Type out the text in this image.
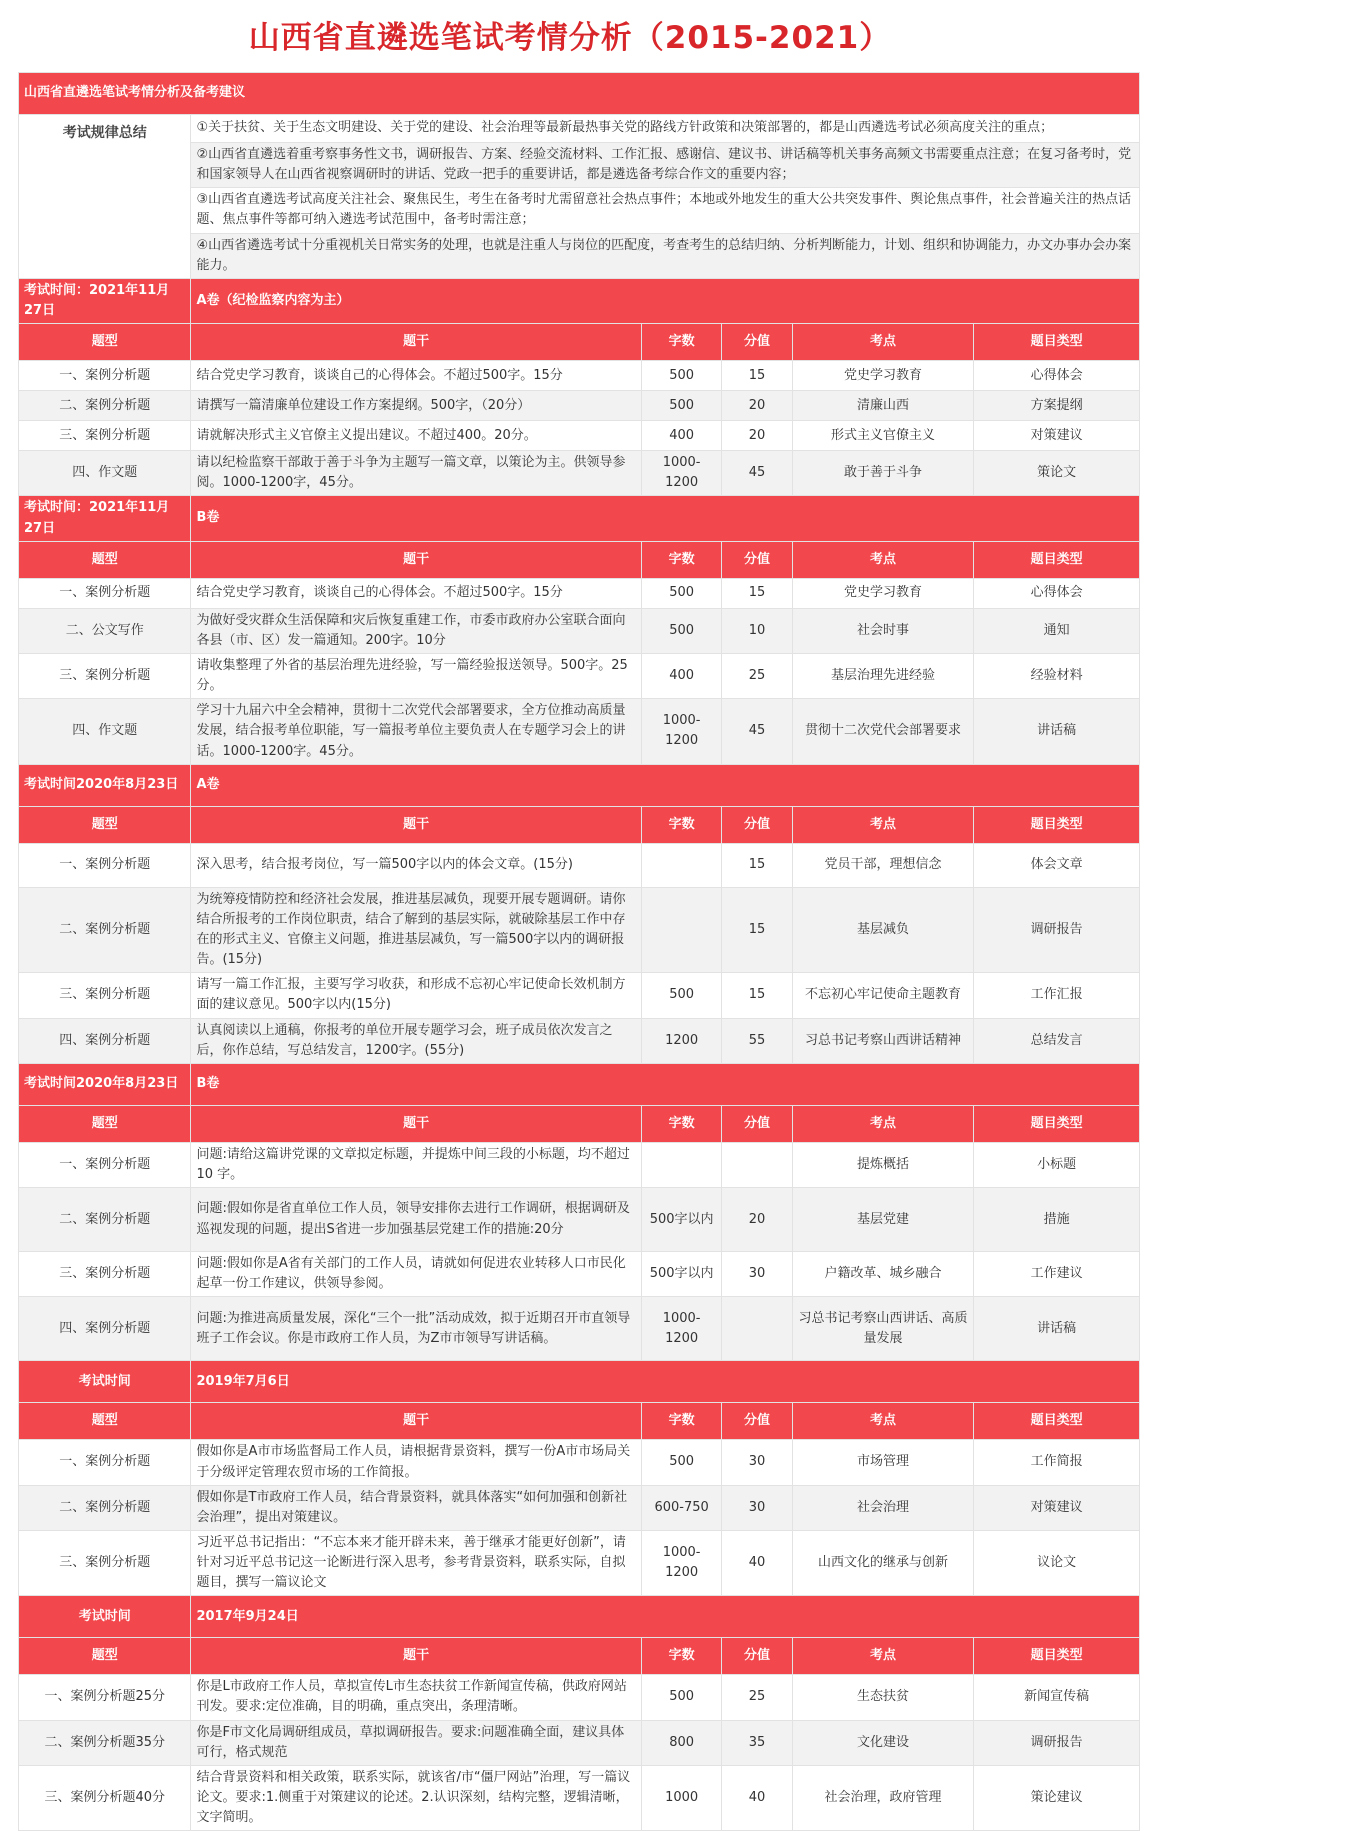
山西省直遴选笔试考情分析（2015-2021）
山西省直遴选笔试考情分析及备考建议					
考试规律总结	①关于扶贫、关于生态文明建设、关于党的建设、社会治理等最新最热事关党的路线方针政策和决策部署的，都是山西遴选考试必须高度关注的重点；				
	②山西省直遴选着重考察事务性文书，调研报告、方案、经验交流材料、工作汇报、感谢信、建议书、讲话稿等机关事务高频文书需要重点注意；在复习备考时，党和国家领导人在山西省视察调研时的讲话、党政一把手的重要讲话，都是遴选备考综合作文的重要内容；				
	③山西省直遴选考试高度关注社会、聚焦民生，考生在备考时尤需留意社会热点事件；本地或外地发生的重大公共突发事件、舆论焦点事件，社会普遍关注的热点话题、焦点事件等都可纳入遴选考试范围中，备考时需注意；				
	④山西省遴选考试十分重视机关日常实务的处理，也就是注重人与岗位的匹配度，考查考生的总结归纳、分析判断能力，计划、组织和协调能力，办文办事办会办案能力。				
考试时间：2021年11月27日	A卷（纪检监察内容为主）				
题型	题干	字数	分值	考点	题目类型
一、案例分析题	结合党史学习教育，谈谈自己的心得体会。不超过500字。15分	500	15	党史学习教育	心得体会
二、案例分析题	请撰写一篇清廉单位建设工作方案提纲。500字，（20分）	500	20	清廉山西	方案提纲
三、案例分析题	请就解决形式主义官僚主义提出建议。不超过400。20分。	400	20	形式主义官僚主义	对策建议
四、作文题	请以纪检监察干部敢于善于斗争为主题写一篇文章，以策论为主。供领导参阅。1000-1200字，45分。	1000-1200	45	敢于善于斗争	策论文
考试时间：2021年11月27日	B卷				
题型	题干	字数	分值	考点	题目类型
一、案例分析题	结合党史学习教育，谈谈自己的心得体会。不超过500字。15分	500	15	党史学习教育	心得体会
二、公文写作	为做好受灾群众生活保障和灾后恢复重建工作，市委市政府办公室联合面向各县（市、区）发一篇通知。200字。10分	500	10	社会时事	通知
三、案例分析题	请收集整理了外省的基层治理先进经验，写一篇经验报送领导。500字。25分。	400	25	基层治理先进经验	经验材料
四、作文题	学习十九届六中全会精神，贯彻十二次党代会部署要求，全方位推动高质量发展，结合报考单位职能，写一篇报考单位主要负责人在专题学习会上的讲话。1000-1200字。45分。	1000-1200	45	贯彻十二次党代会部署要求	讲话稿
考试时间2020年8月23日	A卷				
题型	题干	字数	分值	考点	题目类型
一、案例分析题	深入思考，结合报考岗位，写一篇500字以内的体会文章。(15分)		15	党员干部，理想信念	体会文章
二、案例分析题	为统筹疫情防控和经济社会发展，推进基层减负，现要开展专题调研。请你结合所报考的工作岗位职责，结合了解到的基层实际，就破除基层工作中存在的形式主义、官僚主义问题，推进基层减负，写一篇500字以内的调研报告。(15分)		15	基层减负	调研报告
三、案例分析题	请写一篇工作汇报，主要写学习收获，和形成不忘初心牢记使命长效机制方面的建议意见。500字以内(15分)	500	15	不忘初心牢记使命主题教育	工作汇报
四、案例分析题	认真阅读以上通稿，你报考的单位开展专题学习会，班子成员依次发言之后，你作总结，写总结发言，1200字。(55分)	1200	55	习总书记考察山西讲话精神	总结发言
考试时间2020年8月23日	B卷				
题型	题干	字数	分值	考点	题目类型
一、案例分析题	问题:请给这篇讲党课的文章拟定标题，并提炼中间三段的小标题，均不超过10 字。			提炼概括	小标题
二、案例分析题	问题:假如你是省直单位工作人员，领导安排你去进行工作调研，根据调研及巡视发现的问题，提出S省进一步加强基层党建工作的措施:20分	500字以内	20	基层党建	措施
三、案例分析题	问题:假如你是A省有关部门的工作人员，请就如何促进农业转移人口市民化起草一份工作建议，供领导参阅。	500字以内	30	户籍改革、城乡融合	工作建议
四、案例分析题	问题:为推进高质量发展，深化“三个一批”活动成效，拟于近期召开市直领导班子工作会议。你是市政府工作人员，为Z市市领导写讲话稿。	1000-1200		习总书记考察山西讲话、高质量发展	讲话稿
考试时间	2019年7月6日				
题型	题干	字数	分值	考点	题目类型
一、案例分析题	假如你是A市市场监督局工作人员，请根据背景资料，撰写一份A市市场局关于分级评定管理农贸市场的工作简报。	500	30	市场管理	工作简报
二、案例分析题	假如你是T市政府工作人员，结合背景资料，就具体落实“如何加强和创新社会治理”，提出对策建议。	600-750	30	社会治理	对策建议
三、案例分析题	习近平总书记指出：“不忘本来才能开辟未来，善于继承才能更好创新”，请针对习近平总书记这一论断进行深入思考，参考背景资料，联系实际，自拟题目，撰写一篇议论文	1000-1200	40	山西文化的继承与创新	议论文
考试时间	2017年9月24日				
题型	题干	字数	分值	考点	题目类型
一、案例分析题25分	你是L市政府工作人员，草拟宣传L市生态扶贫工作新闻宣传稿，供政府网站刊发。要求:定位准确，目的明确，重点突出，条理清晰。	500	25	生态扶贫	新闻宣传稿
二、案例分析题35分	你是F市文化局调研组成员，草拟调研报告。要求:问题准确全面，建议具体可行，格式规范	800	35	文化建设	调研报告
三、案例分析题40分	结合背景资料和相关政策，联系实际，就该省/市“僵尸网站”治理，写一篇议论文。要求:1.侧重于对策建议的论述。2.认识深刻，结构完整，逻辑清晰，文字简明。	1000	40	社会治理，政府管理	策论建议
